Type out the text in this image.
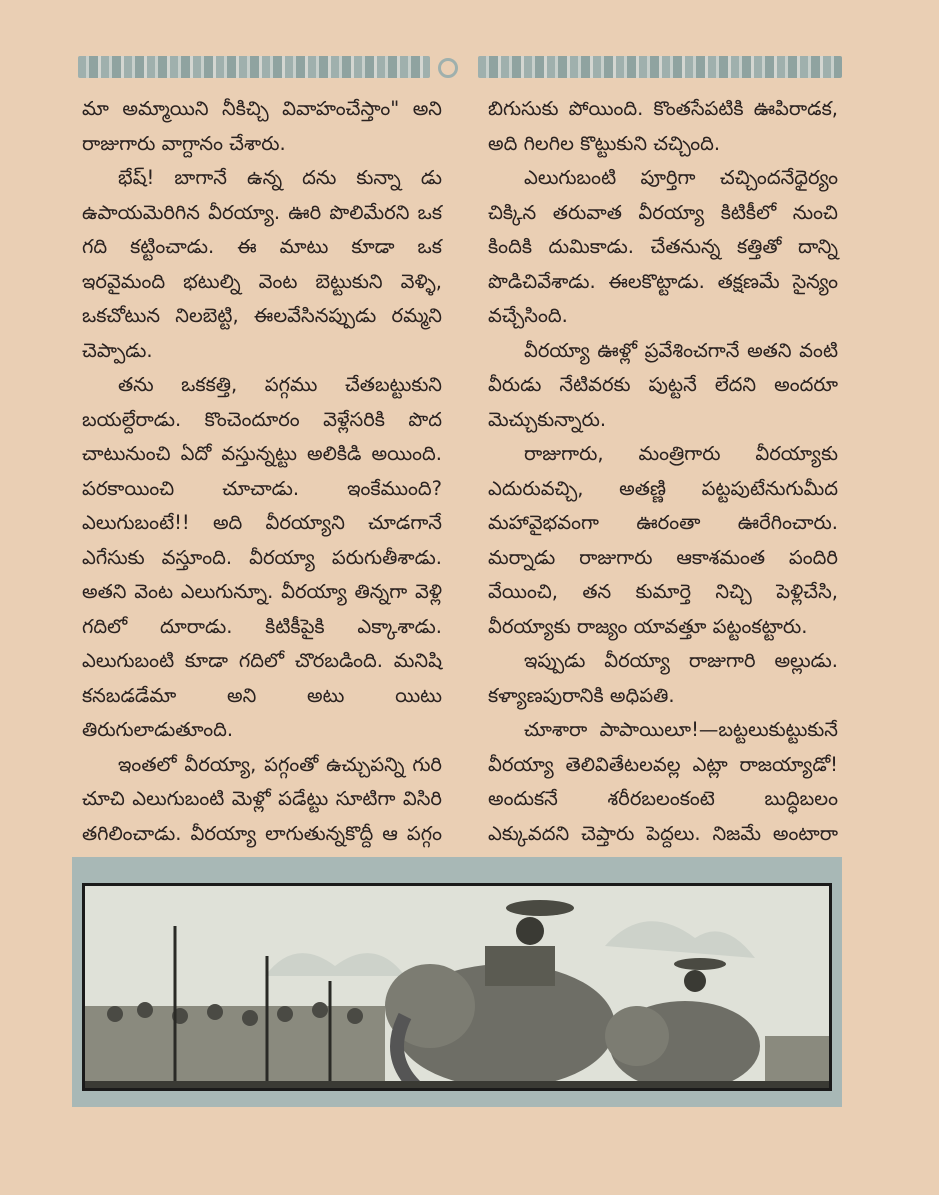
మా అమ్మాయిని నీకిచ్చి వివాహంచేస్తాం" అని రాజుగారు వాగ్దానం చేశారు.

భేష్! బాగానే ఉన్న దను కున్నా డు ఉపాయమెరిగిన వీరయ్యా. ఊరి పొలిమేరని ఒక గది కట్టించాడు. ఈ మాటు కూడా ఒక ఇరవైమంది భటుల్ని వెంట బెట్టుకుని వెళ్ళి, ఒకచోటున నిలబెట్టి, ఈలవేసినప్పుడు రమ్మని చెప్పాడు.

తను ఒకకత్తి, పగ్గము చేతబట్టుకుని బయల్దేరాడు. కొంచెందూరం వెళ్లేసరికి పొద చాటునుంచి ఏదో వస్తున్నట్టు అలికిడి అయింది. పరకాయించి చూచాడు. ఇంకేముంది? ఎలుగుబంటే!! అది వీరయ్యాని చూడగానే ఎగేసుకు వస్తూంది. వీరయ్యా పరుగుతీశాడు. అతని వెంట ఎలుగున్నూ. వీరయ్యా తిన్నగా వెళ్లి గదిలో దూరాడు. కిటికీపైకి ఎక్కాశాడు. ఎలుగుబంటి కూడా గదిలో చొరబడింది. మనిషి కనబడడేమా అని అటు యిటు తిరుగులాడుతూంది.

ఇంతలో వీరయ్యా, పగ్గంతో ఉచ్చుపన్ని గురి చూచి ఎలుగుబంటి మెళ్లో పడేట్టు సూటిగా విసిరి తగిలించాడు. వీరయ్యా లాగుతున్నకొద్దీ ఆ పగ్గం

బిగుసుకు పోయింది. కొంతసేపటికి ఊపిరాడక, అది గిలగిల కొట్టుకుని చచ్చింది.

ఎలుగుబంటి పూర్తిగా చచ్చిందనేధైర్యం చిక్కిన తరువాత వీరయ్యా కిటికీలో నుంచి కిందికి దుమికాడు. చేతనున్న కత్తితో దాన్ని పొడిచివేశాడు. ఈలకొట్టాడు. తక్షణమే సైన్యం వచ్చేసింది.

వీరయ్యా ఊళ్లో ప్రవేశించగానే అతని వంటి వీరుడు నేటివరకు పుట్టనే లేదని అందరూ మెచ్చుకున్నారు.

రాజుగారు, మంత్రిగారు వీరయ్యాకు ఎదురువచ్చి, అతణ్ణి పట్టపుటేనుగుమీద మహావైభవంగా ఊరంతా ఊరేగించారు. మర్నాడు రాజుగారు ఆకాశమంత పందిరి వేయించి, తన కుమార్తె నిచ్చి పెళ్లిచేసి, వీరయ్యాకు రాజ్యం యావత్తూ పట్టంకట్టారు.

ఇప్పుడు వీరయ్యా రాజుగారి అల్లుడు. కళ్యాణపురానికి అధిపతి.

చూశారా పాపాయిలూ!—బట్టలుకుట్టుకునే వీరయ్యా తెలివితేటలవల్ల ఎట్లా రాజయ్యాడో! అందుకనే శరీరబలంకంటె బుద్ధిబలం ఎక్కువదని చెప్తారు పెద్దలు. నిజమే అంటారా
